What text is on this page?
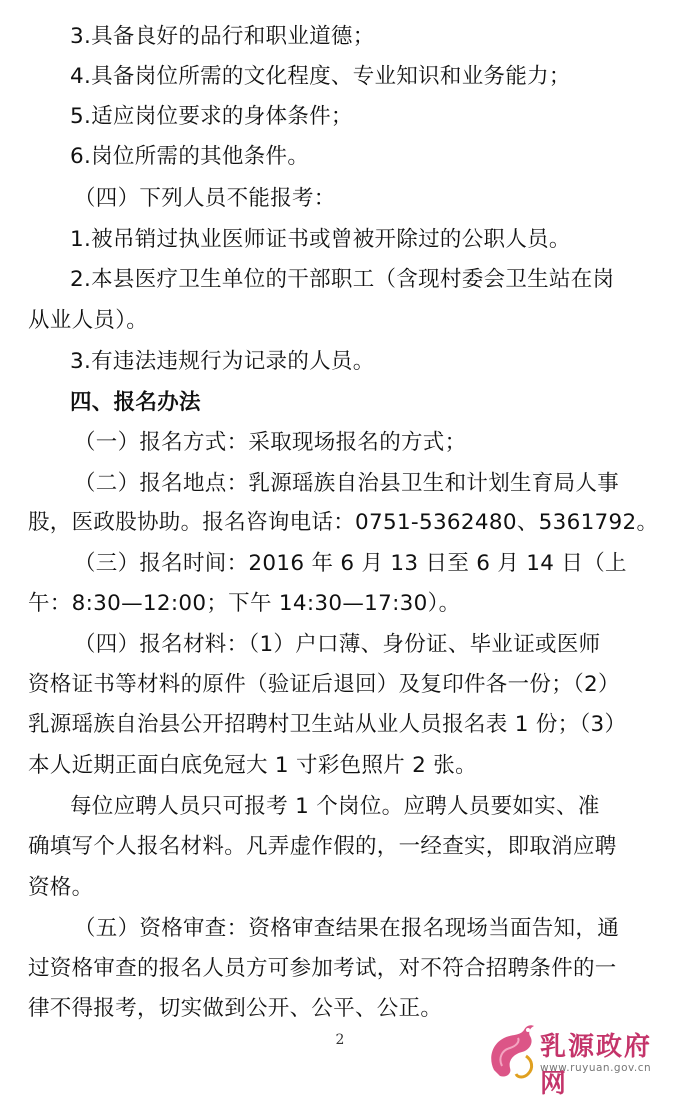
3.具备良好的品行和职业道德；
4.具备岗位所需的文化程度、专业知识和业务能力；
5.适应岗位要求的身体条件；
6.岗位所需的其他条件。
（四）下列人员不能报考：
1.被吊销过执业医师证书或曾被开除过的公职人员。
2.本县医疗卫生单位的干部职工（含现村委会卫生站在岗
从业人员）。
3.有违法违规行为记录的人员。
四、报名办法
（一）报名方式：采取现场报名的方式；
（二）报名地点：乳源瑶族自治县卫生和计划生育局人事
股，医政股协助。报名咨询电话：0751-5362480、5361792。
（三）报名时间：2016 年 6 月 13 日至 6 月 14 日（上
午：8:30—12:00；下午 14:30—17:30）。
（四）报名材料：（1）户口薄、身份证、毕业证或医师
资格证书等材料的原件（验证后退回）及复印件各一份；（2）
乳源瑶族自治县公开招聘村卫生站从业人员报名表 1 份；（3）
本人近期正面白底免冠大 1 寸彩色照片 2 张。
每位应聘人员只可报考 1 个岗位。应聘人员要如实、准
确填写个人报名材料。凡弄虚作假的，一经查实，即取消应聘
资格。
（五）资格审查：资格审查结果在报名现场当面告知，通
过资格审查的报名人员方可参加考试，对不符合招聘条件的一
律不得报考，切实做到公开、公平、公正。
2	乳源政府网
www.ruyuan.gov.cn
